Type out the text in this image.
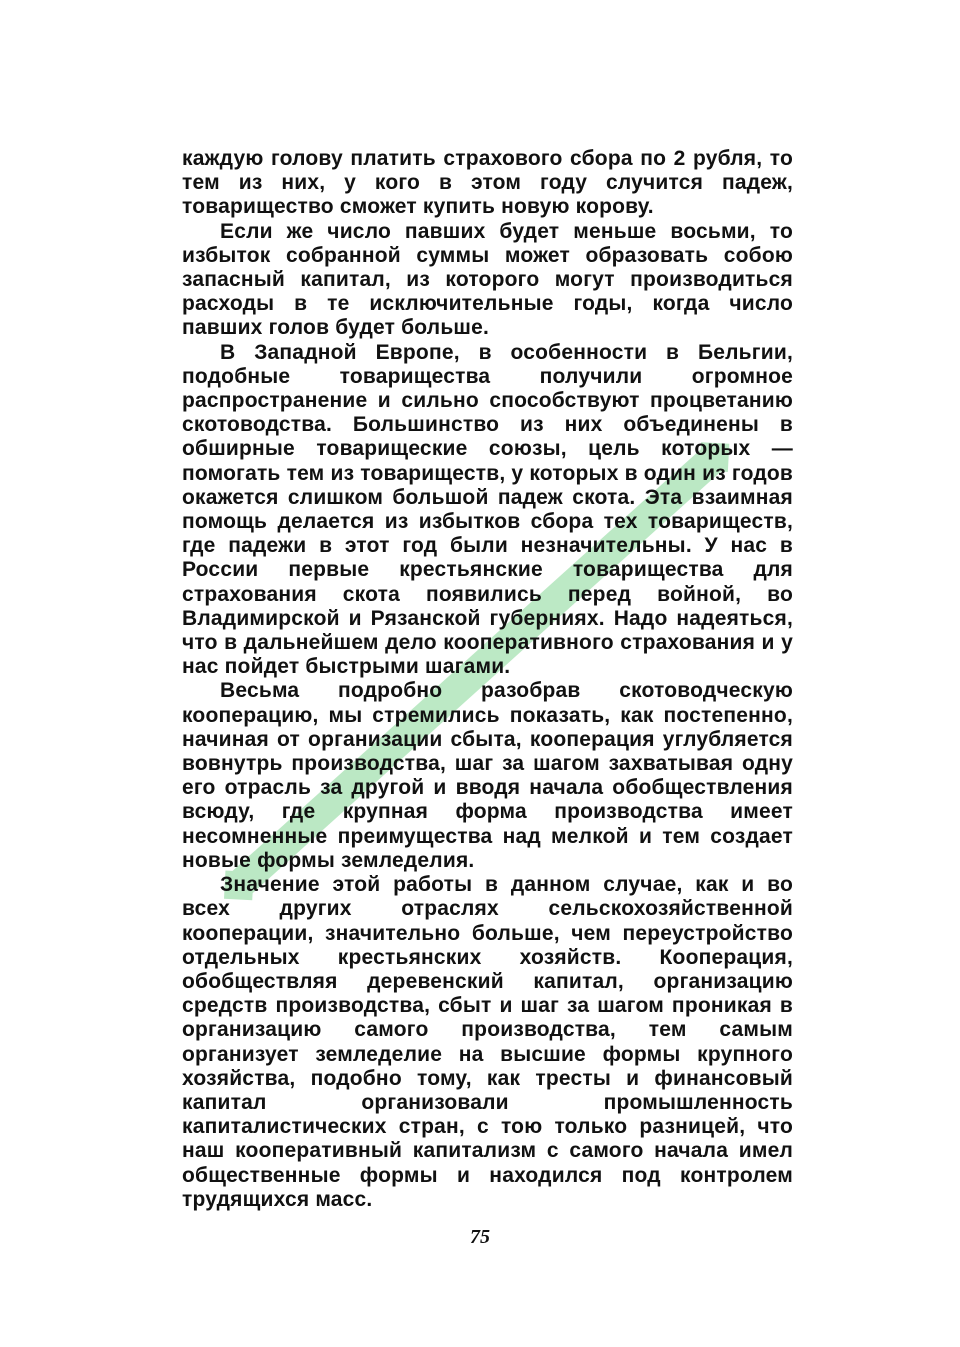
каждую голову платить страхового сбора по 2 рубля, то тем из них, у кого в этом году случится падеж, товарищество сможет купить новую корову.

Если же число павших будет меньше восьми, то избыток собранной суммы может образовать собою запасный капитал, из которого могут производиться расходы в те исключительные годы, когда число павших голов будет больше.

В Западной Европе, в особенности в Бельгии, подобные товарищества получили огромное распространение и сильно способствуют процветанию скотоводства. Большинство из них объединены в обширные товарищеские союзы, цель которых — помогать тем из товариществ, у которых в один из годов окажется слишком большой падеж скота. Эта взаимная помощь делается из избытков сбора тех товариществ, где падежи в этот год были незначительны. У нас в России первые крестьянские товарищества для страхования скота появились перед войной, во Владимирской и Рязанской губерниях. Надо надеяться, что в дальнейшем дело кооперативного страхования и у нас пойдет быстрыми шагами.

Весьма подробно разобрав скотоводческую кооперацию, мы стремились показать, как постепенно, начиная от организации сбыта, кооперация углубляется вовнутрь производства, шаг за шагом захватывая одну его отрасль за другой и вводя начала обобществления всюду, где крупная форма производства имеет несомненные преимущества над мелкой и тем создает новые формы земледелия.

Значение этой работы в данном случае, как и во всех других отраслях сельскохозяйственной кооперации, значительно больше, чем переустройство отдельных крестьянских хозяйств. Кооперация, обобществляя деревенский капитал, организацию средств производства, сбыт и шаг за шагом проникая в организацию самого производства, тем самым организует земледелие на высшие формы крупного хозяйства, подобно тому, как тресты и финансовый капитал организовали промышленность капиталистических стран, с тою только разницей, что наш кооперативный капитализм с самого начала имел общественные формы и находился под контролем трудящихся масс.

75
